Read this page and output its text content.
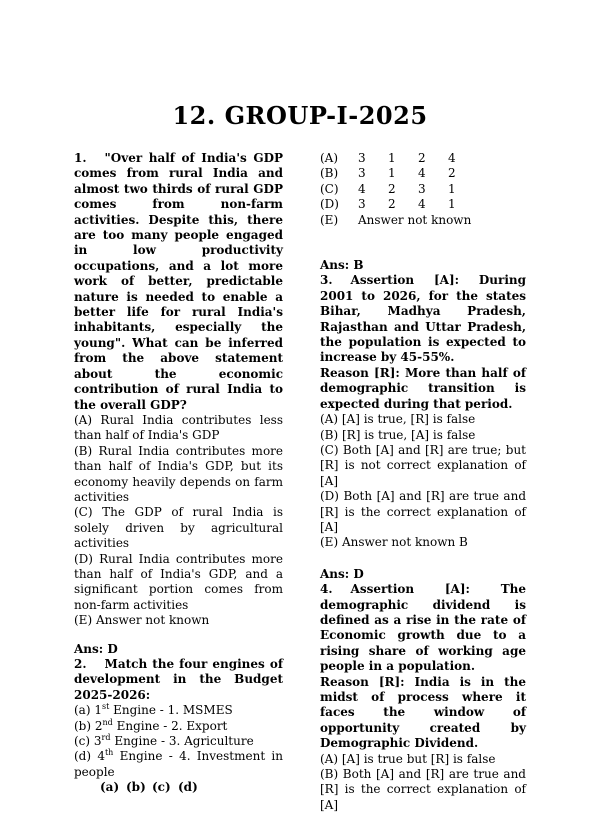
12. GROUP-I-2025

1. "Over half of India's GDP comes from rural India and almost two thirds of rural GDP comes from non-farm activities. Despite this, there are too many people engaged in low productivity occupations, and a lot more work of better, predictable nature is needed to enable a better life for rural India's inhabitants, especially the young". What can be inferred from the above statement about the economic contribution of rural India to the overall GDP?

(A) Rural India contributes less than half of India's GDP

(B) Rural India contributes more than half of India's GDP, but its economy heavily depends on farm activities

(C) The GDP of rural India is solely driven by agricultural activities

(D) Rural India contributes more than half of India's GDP, and a significant portion comes from non-farm activities

(E) Answer not known

Ans: D

2. Match the four engines of development in the Budget 2025-2026:

(a) 1st Engine - 1. MSMES

(b) 2nd Engine - 2. Export

(c) 3rd Engine - 3. Agriculture

(d) 4th Engine - 4. Investment in people

(a) (b) (c) (d)

(A)	3	1	2	4

(B)	3	1	4	2

(C)	4	2	3	1

(D)	3	2	4	1

(E)	Answer not known

Ans: B

3. Assertion [A]: During 2001 to 2026, for the states Bihar, Madhya Pradesh, Rajasthan and Uttar Pradesh, the population is expected to increase by 45-55%.

Reason [R]: More than half of demographic transition is expected during that period.

(A) [A] is true, [R] is false

(B) [R] is true, [A] is false

(C) Both [A] and [R] are true; but [R] is not correct explanation of [A]

(D) Both [A] and [R] are true and [R] is the correct explanation of [A]

(E) Answer not known B

Ans: D

4. Assertion [A]: The demographic dividend is defined as a rise in the rate of Economic growth due to a rising share of working age people in a population.

Reason [R]: India is in the midst of process where it faces the window of opportunity created by Demographic Dividend.

(A) [A] is true but [R] is false

(B) Both [A] and [R] are true and [R] is the correct explanation of [A]
